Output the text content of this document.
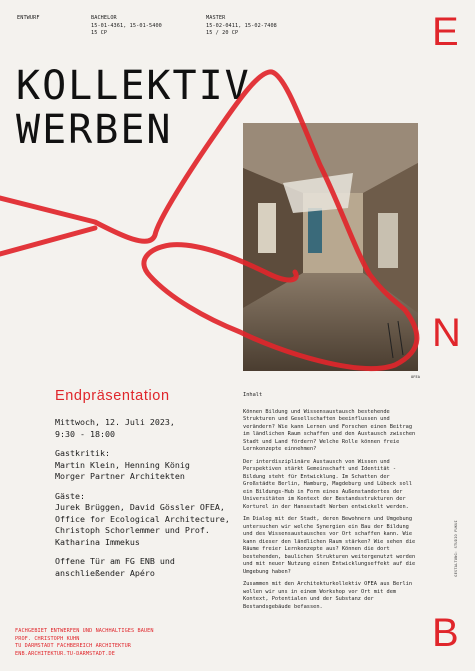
ENTWURF	BACHELOR
15-01-4361, 15-01-5400
15 CP
MASTER
15-02-0411, 15-02-7408
15 / 20 CP	E
N
B
KOLLEKTIV
WERBEN
OFEA
GESTALTUNG: STUDIO FUKUI
Endpräsentation

Mittwoch, 12. Juli 2023,
9:30 - 18:00

Gastkritik:
Martin Klein, Henning König
Morger Partner Architekten

Gäste:
Jurek Brüggen, David Gössler OFEA, Office for Ecological Architecture, Christoph Schorlemmer und Prof. Katharina Immekus

Offene Tür am FG ENB und anschließender Apéro

Inhalt

Können Bildung und Wissensaustausch bestehende Strukturen und Gesellschaften beeinflussen und verändern? Wie kann Lernen und Forschen einen Beitrag im ländlichen Raum schaffen und den Austausch zwischen Stadt und Land fördern? Welche Rolle können freie Lernkonzepte einnehmen?

Der interdisziplinäre Austausch von Wissen und Perspektiven stärkt Gemeinschaft und Identität - Bildung steht für Entwicklung. Im Schatten der Großstädte Berlin, Hamburg, Magdeburg und Lübeck soll ein Bildungs-Hub in Form eines Außenstandortes der Universitäten im Kontext der Bestandsstrukturen der Korturel in der Hansestadt Werben entwickelt werden.

Im Dialog mit der Stadt, deren Bewohnern und Umgebung untersuchen wir welche Synergien ein Bau der Bildung und des Wissensaustausches vor Ort schaffen kann. Wie kann dieser den ländlichen Raum stärken? Wie sehen die Räume freier Lernkonzepte aus? Können die dort bestehenden, baulichen Strukturen weitergenutzt werden und mit neuer Nutzung einen Entwicklungseffekt auf die Umgebung haben?

Zusammen mit den Architekturkollektiv OFEA aus Berlin wollen wir uns in einem Workshop vor Ort mit dem Kontext, Potentialen und der Substanz der Bestandsgebäude befassen.

FACHGEBIET ENTWERFEN UND NACHHALTIGES BAUEN
PROF. CHRISTOPH KUHN
TU DARMSTADT FACHBEREICH ARCHITEKTUR
ENB.ARCHITEKTUR.TU-DARMSTADT.DE
